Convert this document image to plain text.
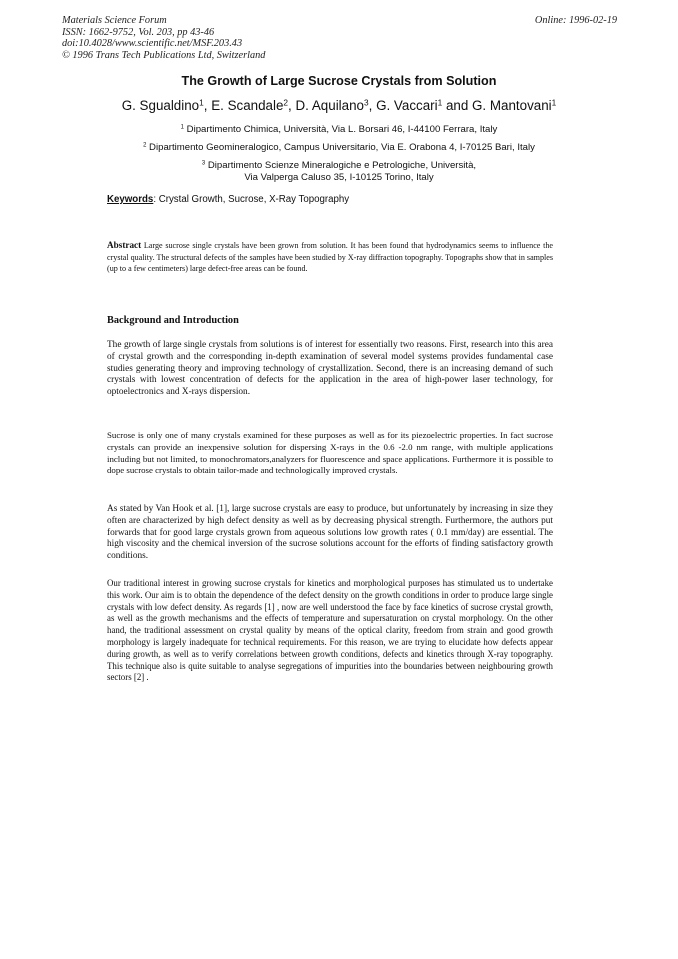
Materials Science Forum
ISSN: 1662-9752, Vol. 203, pp 43-46
doi:10.4028/www.scientific.net/MSF.203.43
© 1996 Trans Tech Publications Ltd, Switzerland
Online: 1996-02-19
The Growth of Large Sucrose Crystals from Solution
G. Sgualdino$^1$, E. Scandale$^2$, D. Aquilano$^3$, G. Vaccari$^1$ and G. Mantovani$^1$
$^1$ Dipartimento Chimica, Università, Via L. Borsari 46, I-44100 Ferrara, Italy
$^2$ Dipartimento Geomineralogico, Campus Universitario, Via E. Orabona 4, I-70125 Bari, Italy
$^3$ Dipartimento Scienze Mineralogiche e Petrologiche, Università,
Via Valperga Caluso 35, I-10125 Torino, Italy
Keywords: Crystal Growth, Sucrose, X-Ray Topography
Abstract Large sucrose single crystals have been grown from solution. It has been found that hydrodynamics seems to influence the crystal quality. The structural defects of the samples have been studied by X-ray diffraction topography. Topographs show that in samples (up to a few centimeters) large defect-free areas can be found.
Background and Introduction

The growth of large single crystals from solutions is of interest for essentially two reasons. First, research into this area of crystal growth and the corresponding in-depth examination of several model systems provides fundamental case studies generating theory and improving technology of crystallization. Second, there is an increasing demand of such crystals with lowest concentration of defects for the application in the area of high-power laser technology, for optoelectronics and X-rays dispersion.

Sucrose is only one of many crystals examined for these purposes as well as for its piezoelectric properties. In fact sucrose crystals can provide an inexpensive solution for dispersing X-rays in the 0.6 -2.0 nm range, with multiple applications including but not limited, to monochromators,analyzers for fluorescence and space applications. Furthermore it is possible to dope sucrose crystals to obtain tailor-made and technologically improved crystals.

As stated by Van Hook et al. [1], large sucrose crystals are easy to produce, but unfortunately by increasing in size they often are characterized by high defect density as well as by decreasing physical strength. Furthermore, the authors put forwards that for good large crystals grown from aqueous solutions low growth rates ( 0.1 mm/day) are essential. The high viscosity and the chemical inversion of the sucrose solutions account for the efforts of finding satisfactory growth conditions.

Our traditional interest in growing sucrose crystals for kinetics and morphological purposes has stimulated us to undertake this work. Our aim is to obtain the dependence of the defect density on the growth conditions in order to produce large single crystals with low defect density. As regards [1] , now are well understood the face by face kinetics of sucrose crystal growth, as well as the growth mechanisms and the effects of temperature and supersaturation on crystal morphology. On the other hand, the traditional assessment on crystal quality by means of the optical clarity, freedom from strain and good growth morphology is largely inadequate for technical requirements. For this reason, we are trying to elucidate how defects appear during growth, as well as to verify correlations between growth conditions, defects and kinetics through X-ray topography. This technique also is quite suitable to analyse segregations of impurities into the boundaries between neighbouring growth sectors [2] .
